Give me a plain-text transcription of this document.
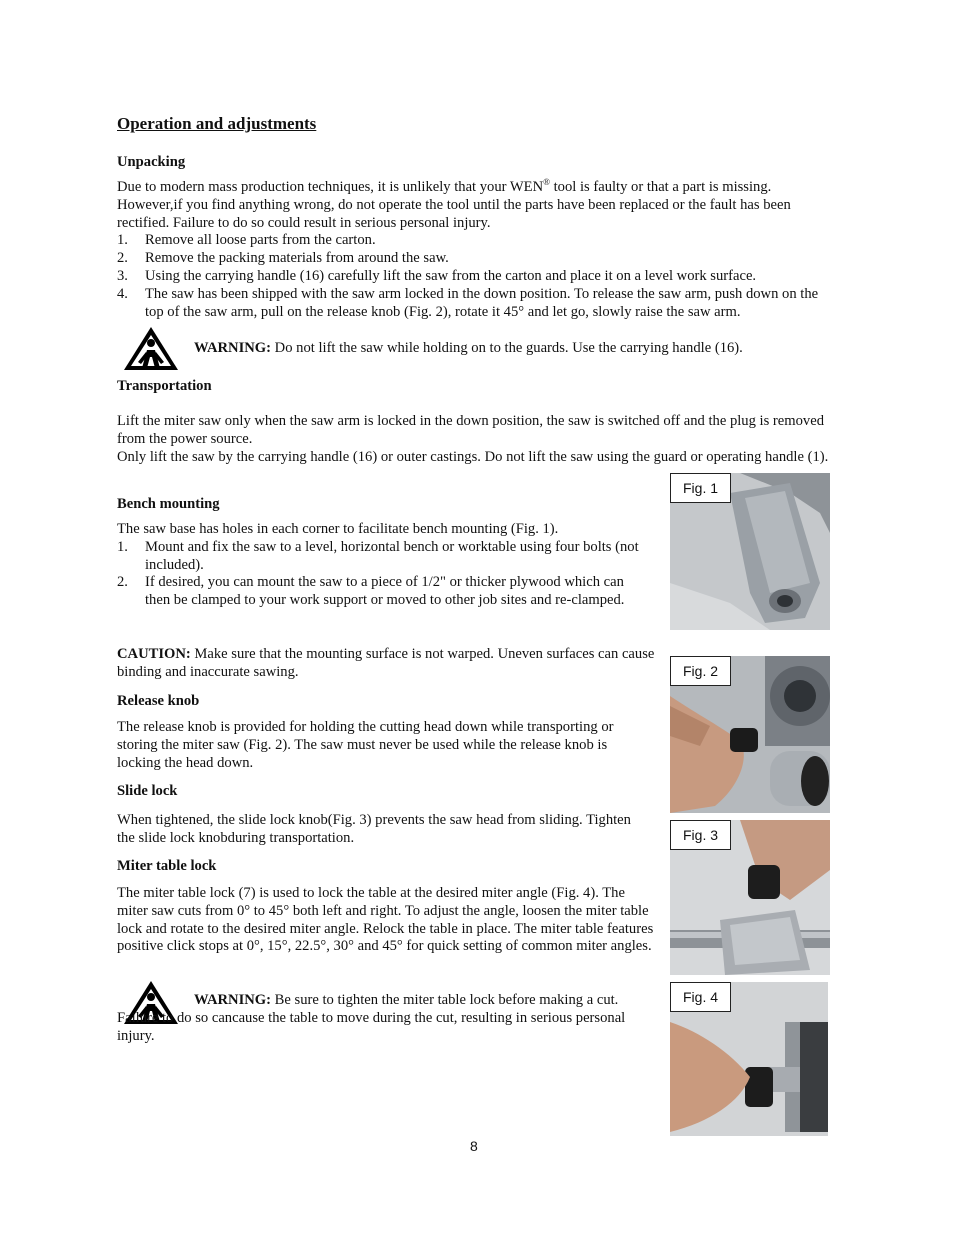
Operation and adjustments
Unpacking

Due to modern mass production techniques, it is unlikely that your WEN® tool is faulty or that a part is missing. However,if you find anything wrong, do not operate the tool until the parts have been replaced or the fault has been rectified. Failure to do so could result in serious personal injury.

1. Remove all loose parts from the carton.
2. Remove the packing materials from around the saw.
3. Using the carrying handle (16) carefully lift the saw from the carton and place it on a level work surface.
4. The saw has been shipped with the saw arm locked in the down position. To release the saw arm, push down on the top of the saw arm, pull on the release knob (Fig. 2), rotate it 45° and let go, slowly raise the saw arm.
WARNING: Do not lift the saw while holding on to the guards. Use the carrying handle (16).
Transportation

Lift the miter saw only when the saw arm is locked in the down position, the saw is switched off and the plug is removed from the power source.

Only lift the saw by the carrying handle (16) or outer castings. Do not lift the saw using the guard or operating handle (1).

Bench mounting

The saw base has holes in each corner to facilitate bench mounting (Fig. 1).

1. Mount and fix the saw to a level, horizontal bench or worktable using four bolts (not included).
2. If desired, you can mount the saw to a piece of 1/2" or thicker plywood which can then be clamped to your work support or moved to other job sites and re-clamped.
CAUTION: Make sure that the mounting surface is not warped. Uneven surfaces can cause binding and inaccurate sawing.
Release knob
The release knob is provided for holding the cutting head down while transporting or storing the miter saw (Fig. 2). The saw must never be used while the release knob is locking the head down.
Slide lock
When tightened, the slide lock knob(Fig. 3) prevents the saw head from sliding. Tighten the slide lock knobduring transportation.
Miter table lock
The miter table lock (7) is used to lock the table at the desired miter angle (Fig. 4). The miter saw cuts from 0° to 45° both left and right. To adjust the angle, loosen the miter table lock and rotate to the desired miter angle. Relock the table in place. The miter table features positive click stops at 0°, 15°, 22.5°, 30° and 45° for quick setting of common miter angles.
WARNING: Be sure to tighten the miter table lock before making a cut. Failure to do so cancause the table to move during the cut, resulting in serious personal injury.
Fig. 1
Fig. 2
Fig. 3
Fig. 4
8
